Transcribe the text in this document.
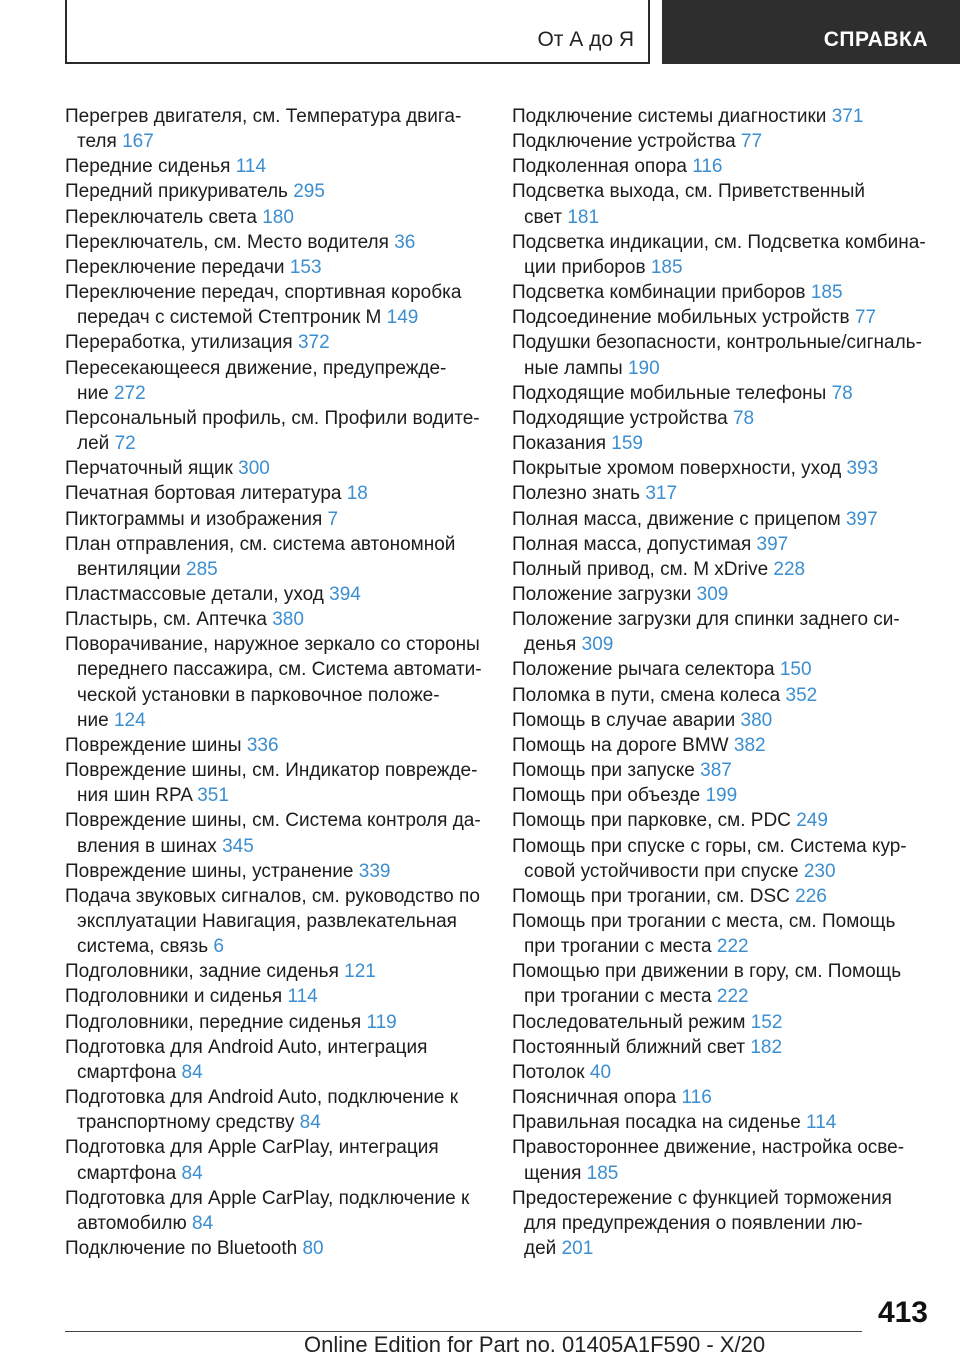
От А до Я	СПРАВКА
Перегрев двигателя, см. Температура двига‐
теля 167
Передние сиденья 114
Передний прикуриватель 295
Переключатель света 180
Переключатель, см. Место водителя 36
Переключение передачи 153
Переключение передач, спортивная коробка
передач с системой Стептроник М 149
Переработка, утилизация 372
Пересекающееся движение, предупрежде‐
ние 272
Персональный профиль, см. Профили водите‐
лей 72
Перчаточный ящик 300
Печатная бортовая литература 18
Пиктограммы и изображения 7
План отправления, см. система автономной
вентиляции 285
Пластмассовые детали, уход 394
Пластырь, см. Аптечка 380
Поворачивание, наружное зеркало со стороны
переднего пассажира, см. Система автомати‐
ческой установки в парковочное положе‐
ние 124
Повреждение шины 336
Повреждение шины, см. Индикатор поврежде‐
ния шин RPA 351
Повреждение шины, см. Система контроля да‐
вления в шинах 345
Повреждение шины, устранение 339
Подача звуковых сигналов, см. руководство по
эксплуатации Навигация, развлекательная
система, связь 6
Подголовники, задние сиденья 121
Подголовники и сиденья 114
Подголовники, передние сиденья 119
Подготовка для Android Auto, интеграция
смартфона 84
Подготовка для Android Auto, подключение к
транспортному средству 84
Подготовка для Apple CarPlay, интеграция
смартфона 84
Подготовка для Apple CarPlay, подключение к
автомобилю 84
Подключение по Bluetooth 80
Подключение системы диагностики 371
Подключение устройства 77
Подколенная опора 116
Подсветка выхода, см. Приветственный
свет 181
Подсветка индикации, см. Подсветка комбина‐
ции приборов 185
Подсветка комбинации приборов 185
Подсоединение мобильных устройств 77
Подушки безопасности, контрольные/сигналь‐
ные лампы 190
Подходящие мобильные телефоны 78
Подходящие устройства 78
Показания 159
Покрытые хромом поверхности, уход 393
Полезно знать 317
Полная масса, движение с прицепом 397
Полная масса, допустимая 397
Полный привод, см. M xDrive 228
Положение загрузки 309
Положение загрузки для спинки заднего си‐
денья 309
Положение рычага селектора 150
Поломка в пути, смена колеса 352
Помощь в случае аварии 380
Помощь на дороге BMW 382
Помощь при запуске 387
Помощь при объезде 199
Помощь при парковке, см. PDC 249
Помощь при спуске с горы, см. Система кур‐
совой устойчивости при спуске 230
Помощь при трогании, см. DSC 226
Помощь при трогании с места, см. Помощь
при трогании с места 222
Помощью при движении в гору, см. Помощь
при трогании с места 222
Последовательный режим 152
Постоянный ближний свет 182
Потолок 40
Поясничная опора 116
Правильная посадка на сиденье 114
Правостороннее движение, настройка осве‐
щения 185
Предостережение с функцией торможения
для предупреждения о появлении лю‐
дей 201
413
Online Edition for Part no. 01405A1F590 - X/20
